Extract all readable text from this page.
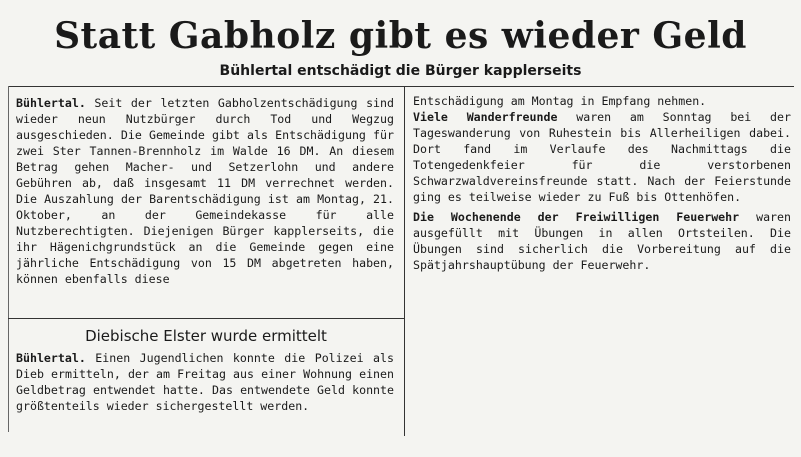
Statt Gabholz gibt es wieder Geld
Bühlertal entschädigt die Bürger kapplerseits

Bühlertal. Seit der letzten Gabholzentschädigung sind wieder neun Nutzbürger durch Tod und Wegzug ausgeschieden. Die Gemeinde gibt als Entschädigung für zwei Ster Tannen-Brennholz im Walde 16 DM. An diesem Betrag gehen Macher- und Setzerlohn und andere Gebühren ab, daß insgesamt 11 DM verrechnet werden. Die Auszahlung der Barentschädigung ist am Montag, 21. Oktober, an der Gemeindekasse für alle Nutzberechtigten. Diejenigen Bürger kapplerseits, die ihr Hägenichgrundstück an die Gemeinde gegen eine jährliche Entschädigung von 15 DM abgetreten haben, können ebenfalls diese

Diebische Elster wurde ermittelt

Bühlertal. Einen Jugendlichen konnte die Polizei als Dieb ermitteln, der am Freitag aus einer Wohnung einen Geldbetrag entwendet hatte. Das entwendete Geld konnte größtenteils wieder sichergestellt werden.

Entschädigung am Montag in Empfang nehmen.

Viele Wanderfreunde waren am Sonntag bei der Tageswanderung von Ruhestein bis Allerheiligen dabei. Dort fand im Verlaufe des Nachmittags die Totengedenkfeier für die verstorbenen Schwarzwaldvereinsfreunde statt. Nach der Feierstunde ging es teilweise wieder zu Fuß bis Ottenhöfen.

Die Wochenende der Freiwilligen Feuerwehr waren ausgefüllt mit Übungen in allen Ortsteilen. Die Übungen sind sicherlich die Vorbereitung auf die Spätjahrshauptübung der Feuerwehr.
